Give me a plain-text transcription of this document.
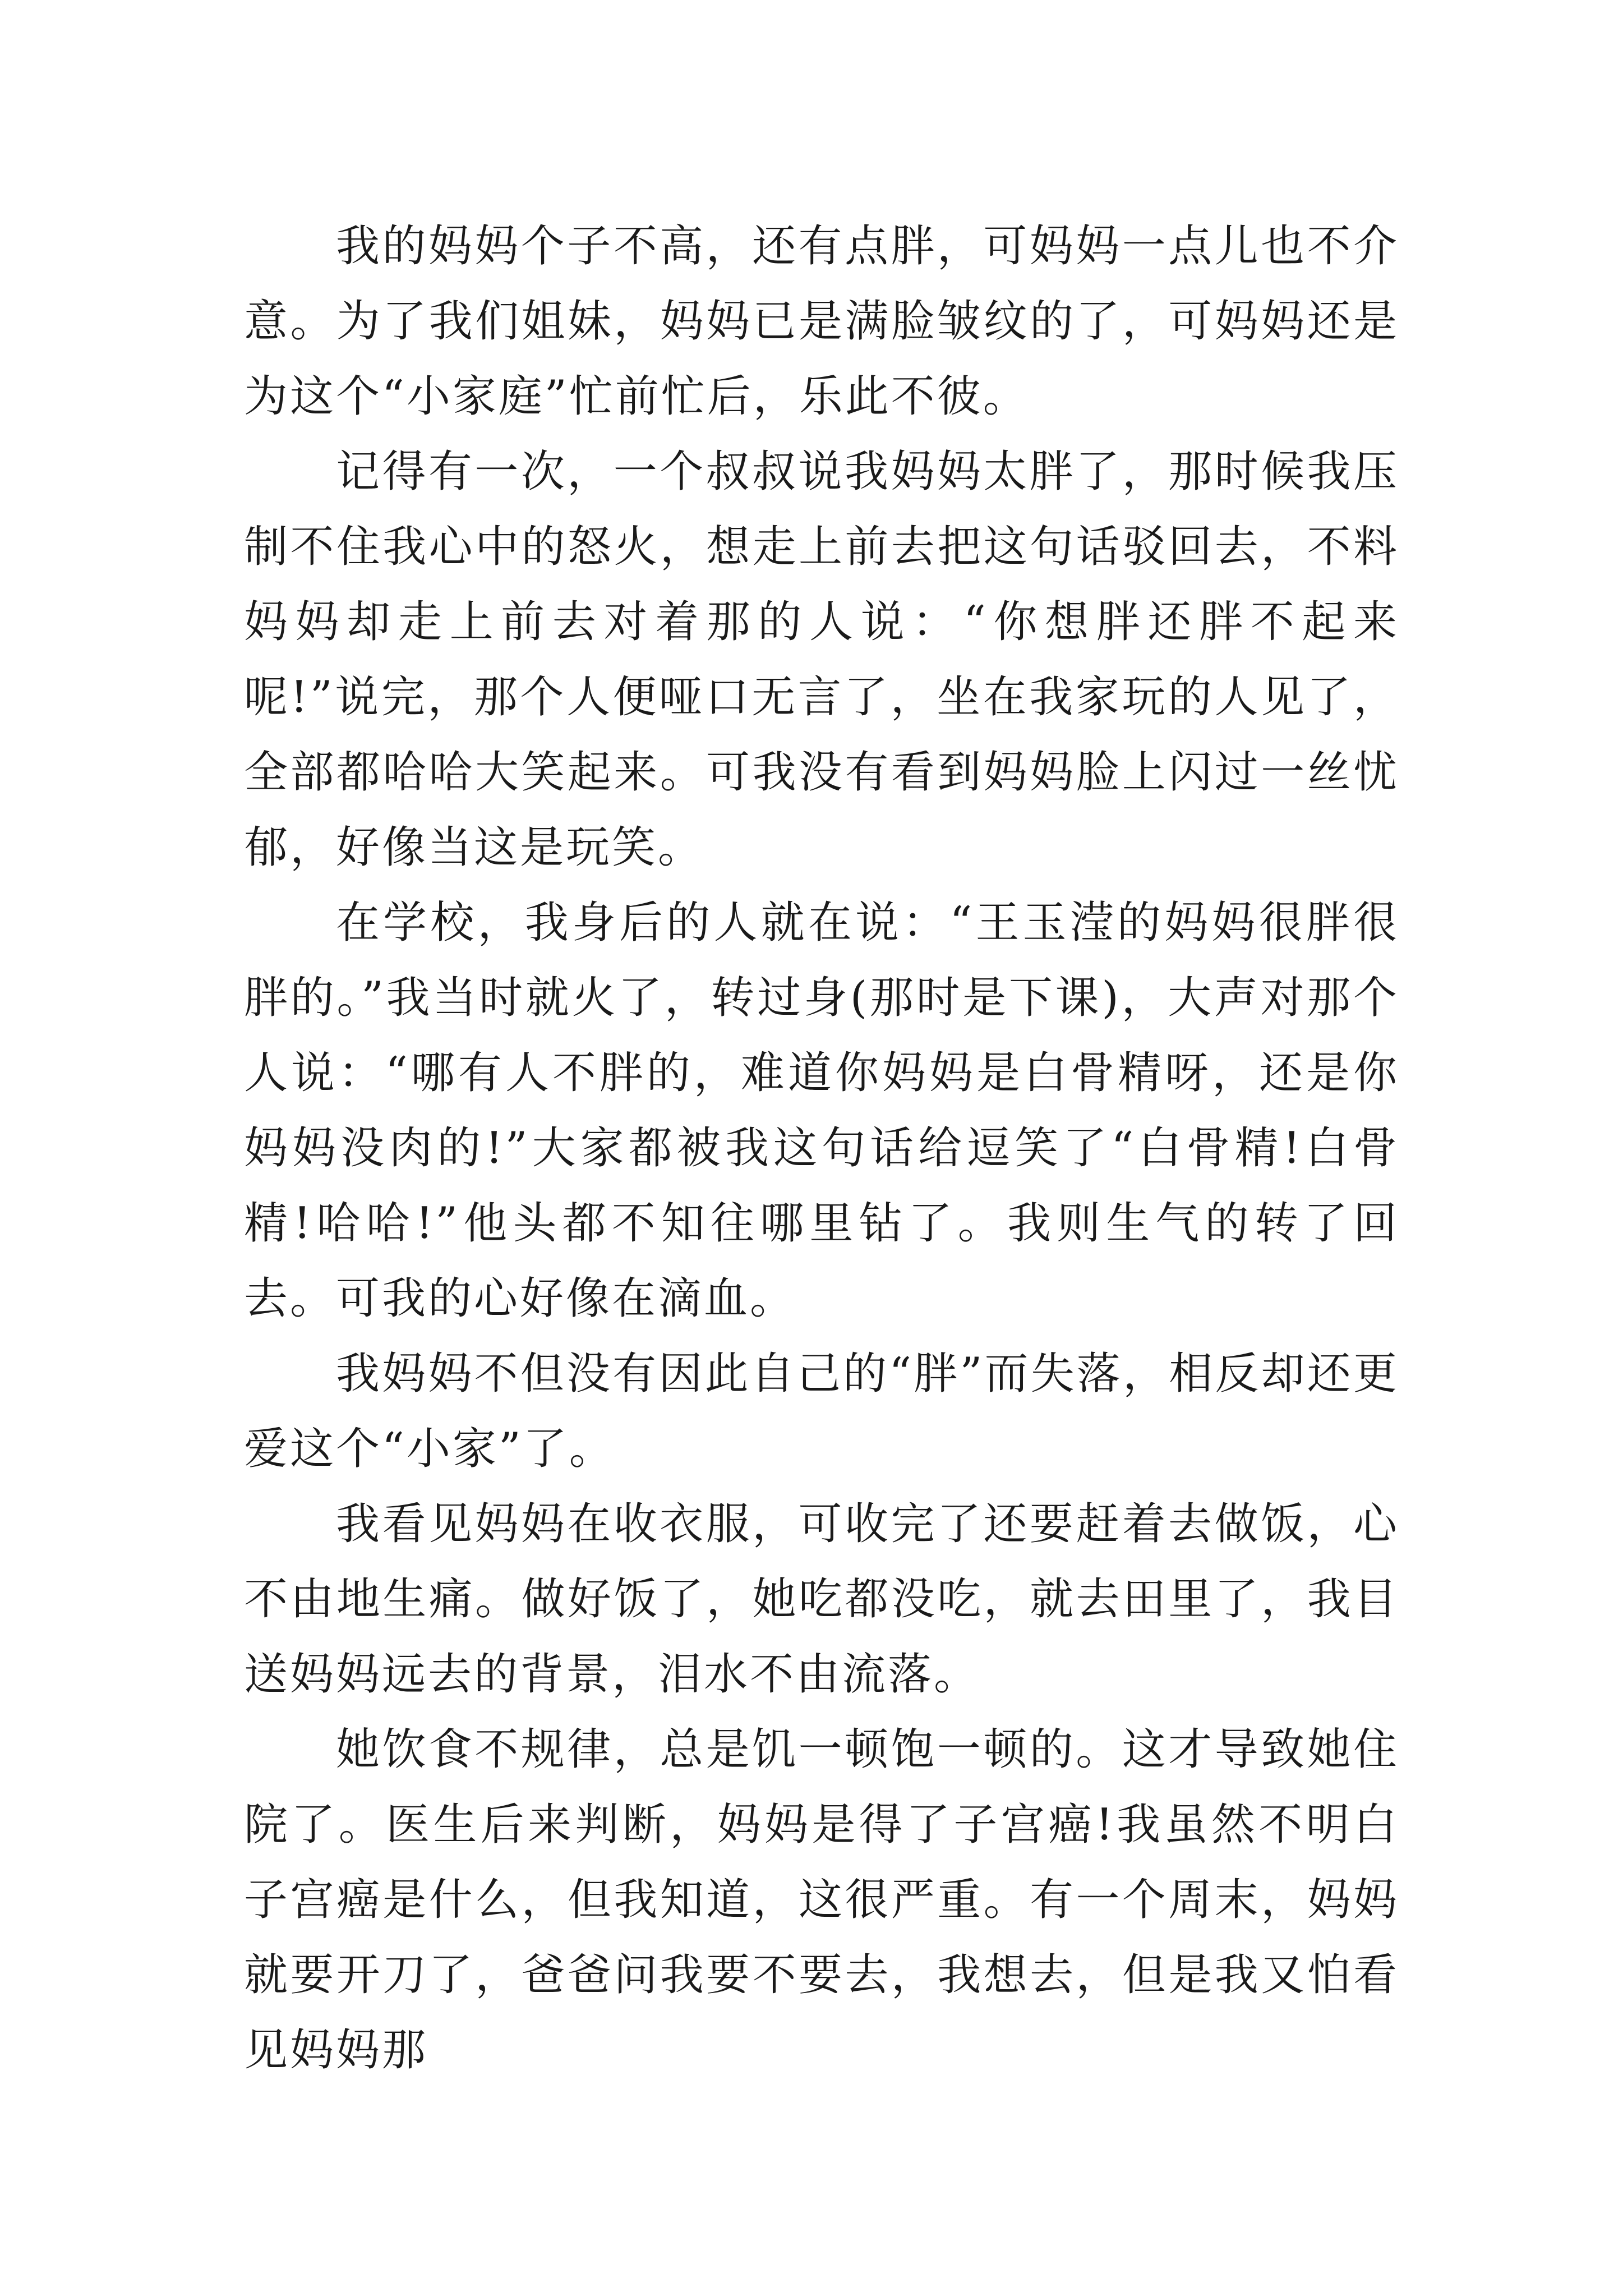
我的妈妈个子不高，还有点胖，可妈妈一点儿也不介意。为了我们姐妹，妈妈已是满脸皱纹的了，可妈妈还是为这个“小家庭”忙前忙后，乐此不彼。

记得有一次，一个叔叔说我妈妈太胖了，那时候我压制不住我心中的怒火，想走上前去把这句话驳回去，不料妈妈却走上前去对着那的人说：“你想胖还胖不起来呢!”说完，那个人便哑口无言了，坐在我家玩的人见了，全部都哈哈大笑起来。可我没有看到妈妈脸上闪过一丝忧郁，好像当这是玩笑。

在学校，我身后的人就在说：“王玉滢的妈妈很胖很胖的。”我当时就火了，转过身(那时是下课)，大声对那个人说：“哪有人不胖的，难道你妈妈是白骨精呀，还是你妈妈没肉的!”大家都被我这句话给逗笑了“白骨精!白骨精!哈哈!”他头都不知往哪里钻了。我则生气的转了回去。可我的心好像在滴血。

我妈妈不但没有因此自己的“胖”而失落，相反却还更爱这个“小家”了。

我看见妈妈在收衣服，可收完了还要赶着去做饭，心不由地生痛。做好饭了，她吃都没吃，就去田里了，我目送妈妈远去的背景，泪水不由流落。

她饮食不规律，总是饥一顿饱一顿的。这才导致她住院了。医生后来判断，妈妈是得了子宫癌!我虽然不明白子宫癌是什么，但我知道，这很严重。有一个周末，妈妈就要开刀了，爸爸问我要不要去，我想去，但是我又怕看见妈妈那
